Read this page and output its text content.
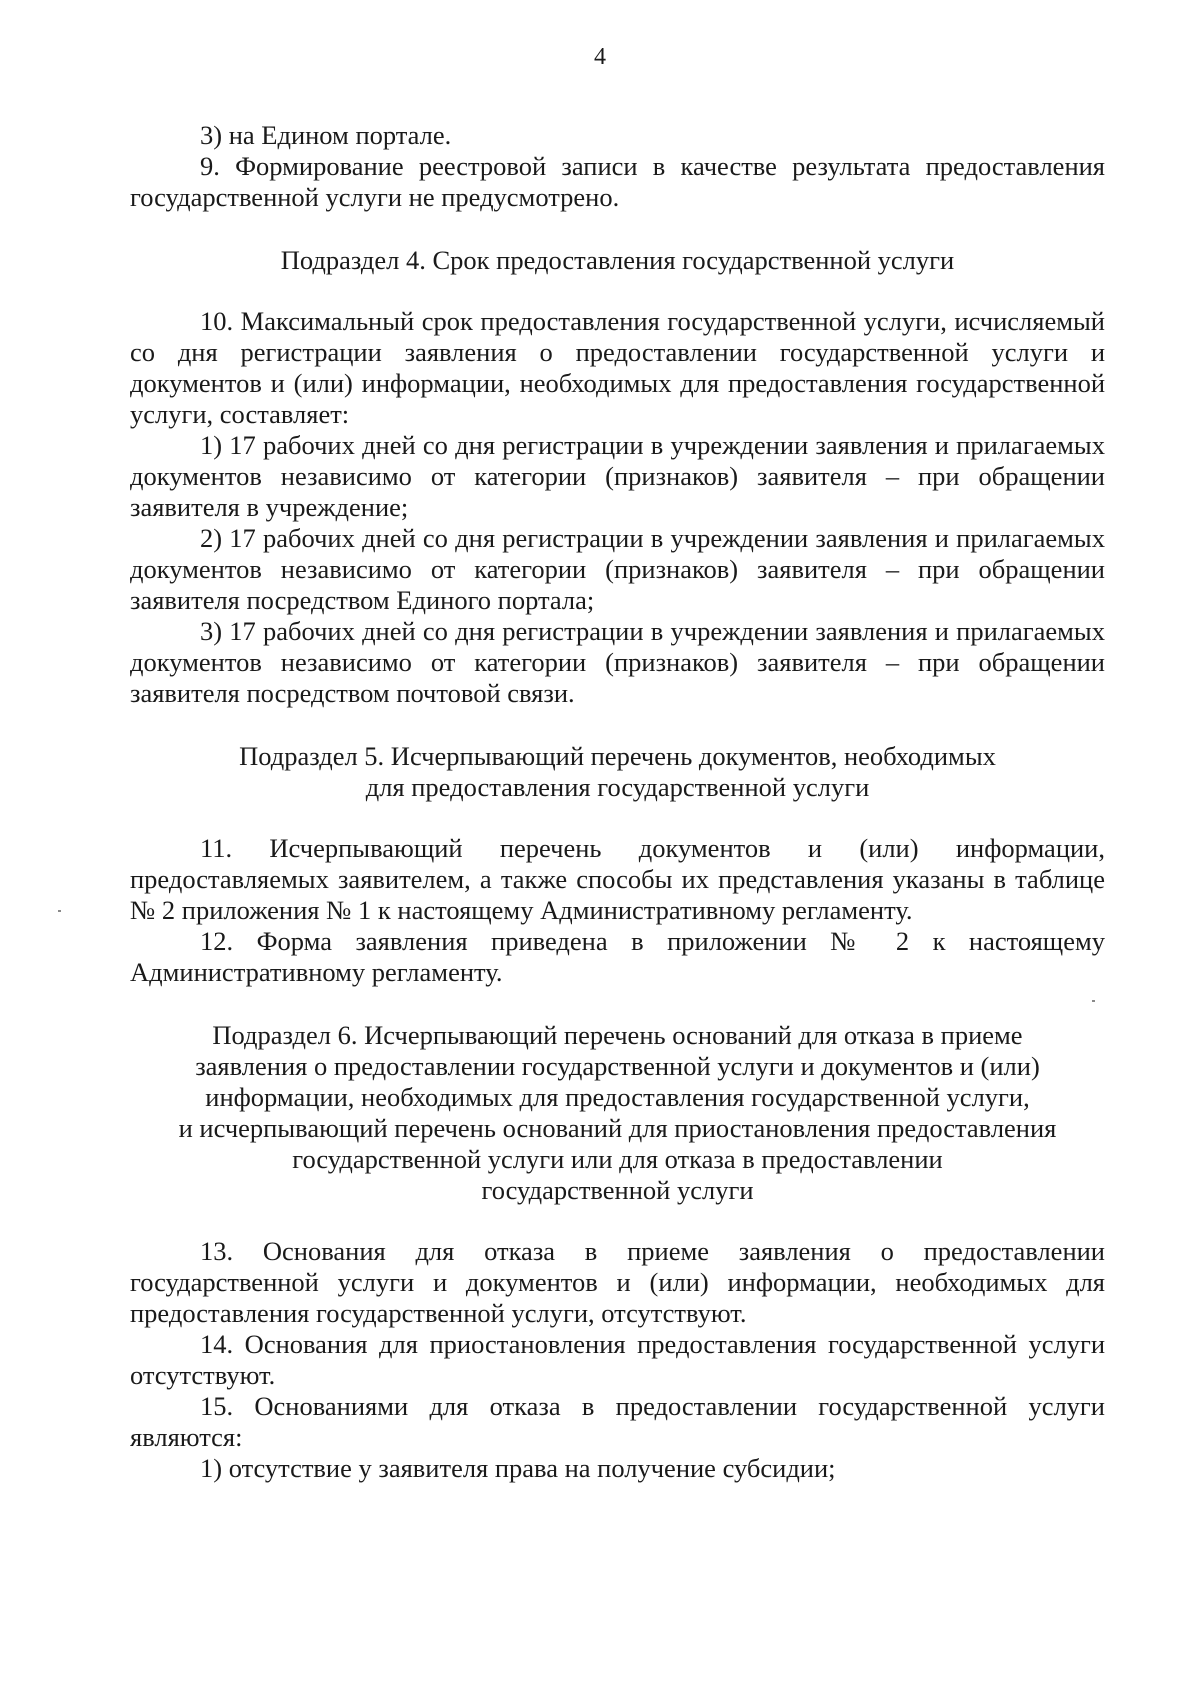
4

3) на Едином портале.

9. Формирование реестровой записи в качестве результата предоставления государственной услуги не предусмотрено.

Подраздел 4. Срок предоставления государственной услуги

10. Максимальный срок предоставления государственной услуги, исчисляемый со дня регистрации заявления о предоставлении государственной услуги и документов и (или) информации, необходимых для предоставления государственной услуги, составляет:

1) 17 рабочих дней со дня регистрации в учреждении заявления и прилагаемых документов независимо от категории (признаков) заявителя – при обращении заявителя в учреждение;

2) 17 рабочих дней со дня регистрации в учреждении заявления и прилагаемых документов независимо от категории (признаков) заявителя – при обращении заявителя посредством Единого портала;

3) 17 рабочих дней со дня регистрации в учреждении заявления и прилагаемых документов независимо от категории (признаков) заявителя – при обращении заявителя посредством почтовой связи.

Подраздел 5. Исчерпывающий перечень документов, необходимых
для предоставления государственной услуги

11. Исчерпывающий перечень документов и (или) информации, предоставляемых заявителем, а также способы их представления указаны в таблице № 2 приложения № 1 к настоящему Административному регламенту.

12. Форма заявления приведена в приложении № 2 к настоящему Административному регламенту.

Подраздел 6. Исчерпывающий перечень оснований для отказа в приеме
заявления о предоставлении государственной услуги и документов и (или)
информации, необходимых для предоставления государственной услуги,
и исчерпывающий перечень оснований для приостановления предоставления
государственной услуги или для отказа в предоставлении
государственной услуги

13. Основания для отказа в приеме заявления о предоставлении государственной услуги и документов и (или) информации, необходимых для предоставления государственной услуги, отсутствуют.

14. Основания для приостановления предоставления государственной услуги отсутствуют.

15. Основаниями для отказа в предоставлении государственной услуги являются:

1) отсутствие у заявителя права на получение субсидии;
